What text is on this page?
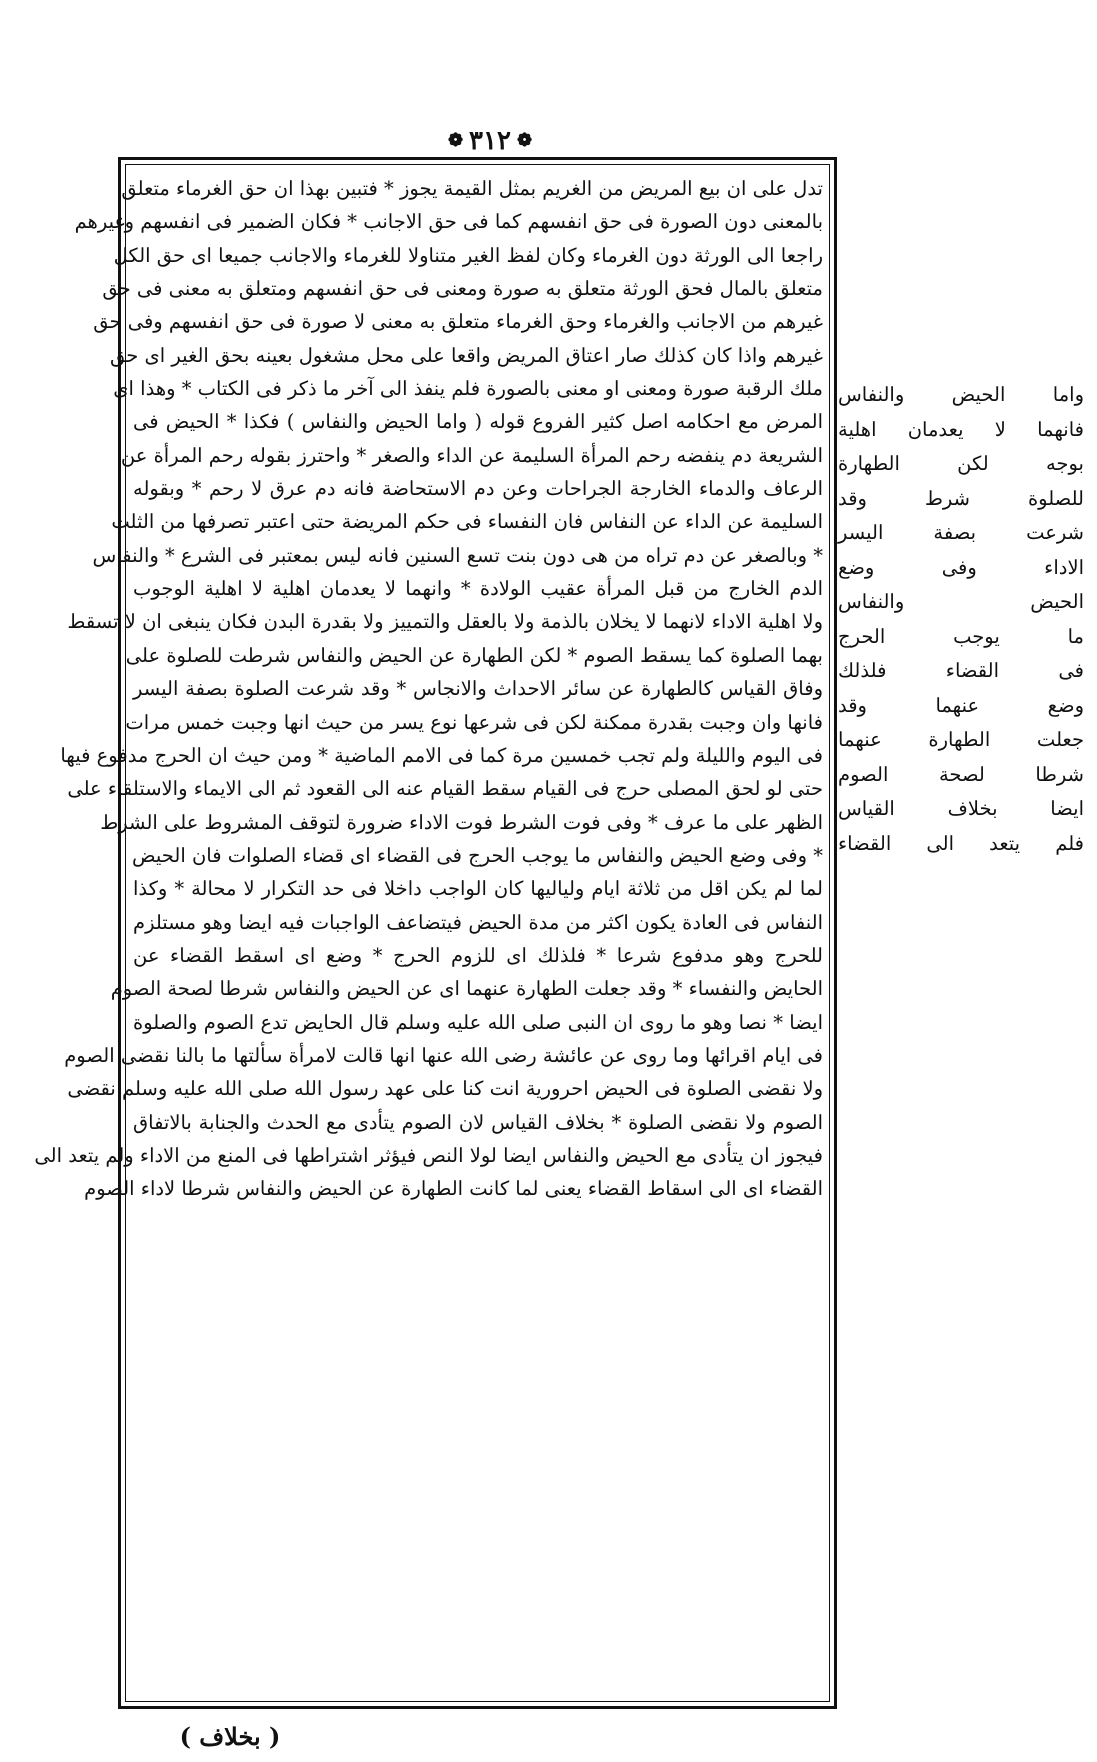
❁ ٣١٢ ❁
تدل على ان بيع المريض من الغريم بمثل القيمة يجوز * فتبين بهذا ان حق الغرماء متعلق
بالمعنى دون الصورة فى حق انفسهم كما فى حق الاجانب * فكان الضمير فى انفسهم وغيرهم
راجعا الى الورثة دون الغرماء وكان لفظ الغير متناولا للغرماء والاجانب جميعا اى حق الكل
متعلق بالمال فحق الورثة متعلق به صورة ومعنى فى حق انفسهم ومتعلق به معنى فى حق
غيرهم من الاجانب والغرماء وحق الغرماء متعلق به معنى لا صورة فى حق انفسهم وفى حق
غيرهم واذا كان كذلك صار اعتاق المريض واقعا على محل مشغول بعينه بحق الغير اى حق
ملك الرقبة صورة ومعنى او معنى بالصورة فلم ينفذ الى آخر ما ذكر فى الكتاب * وهذا اى
المرض مع احكامه اصل كثير الفروع قوله ( واما الحيض والنفاس ) فكذا * الحيض فى
الشريعة دم ينفضه رحم المرأة السليمة عن الداء والصغر * واحترز بقوله رحم المرأة عن
الرعاف والدماء الخارجة الجراحات وعن دم الاستحاضة فانه دم عرق لا رحم * وبقوله
السليمة عن الداء عن النفاس فان النفساء فى حكم المريضة حتى اعتبر تصرفها من الثلث
* وبالصغر عن دم تراه من هى دون بنت تسع السنين فانه ليس بمعتبر فى الشرع * والنفاس
الدم الخارج من قبل المرأة عقيب الولادة * وانهما لا يعدمان اهلية لا اهلية الوجوب
ولا اهلية الاداء لانهما لا يخلان بالذمة ولا بالعقل والتمييز ولا بقدرة البدن فكان ينبغى ان لا تسقط
بهما الصلوة كما يسقط الصوم * لكن الطهارة عن الحيض والنفاس شرطت للصلوة على
وفاق القياس كالطهارة عن سائر الاحداث والانجاس * وقد شرعت الصلوة بصفة اليسر
فانها وان وجبت بقدرة ممكنة لكن فى شرعها نوع يسر من حيث انها وجبت خمس مرات
فى اليوم والليلة ولم تجب خمسين مرة كما فى الامم الماضية * ومن حيث ان الحرج مدفوع فيها
حتى لو لحق المصلى حرج فى القيام سقط القيام عنه الى القعود ثم الى الايماء والاستلقاء على
الظهر على ما عرف * وفى فوت الشرط فوت الاداء ضرورة لتوقف المشروط على الشرط
* وفى وضع الحيض والنفاس ما يوجب الحرج فى القضاء اى قضاء الصلوات فان الحيض
لما لم يكن اقل من ثلاثة ايام ولياليها كان الواجب داخلا فى حد التكرار لا محالة * وكذا
النفاس فى العادة يكون اكثر من مدة الحيض فيتضاعف الواجبات فيه ايضا وهو مستلزم
للحرج وهو مدفوع شرعا * فلذلك اى للزوم الحرج * وضع اى اسقط القضاء عن
الحايض والنفساء * وقد جعلت الطهارة عنهما اى عن الحيض والنفاس شرطا لصحة الصوم
ايضا * نصا وهو ما روى ان النبى صلى الله عليه وسلم قال الحايض تدع الصوم والصلوة
فى ايام اقرائها وما روى عن عائشة رضى الله عنها انها قالت لامرأة سألتها ما بالنا نقضى الصوم
ولا نقضى الصلوة فى الحيض احرورية انت كنا على عهد رسول الله صلى الله عليه وسلم نقضى
الصوم ولا نقضى الصلوة * بخلاف القياس لان الصوم يتأدى مع الحدث والجنابة بالاتفاق
فيجوز ان يتأدى مع الحيض والنفاس ايضا لولا النص فيؤثر اشتراطها فى المنع من الاداء ولم يتعد الى
القضاء اى الى اسقاط القضاء يعنى لما كانت الطهارة عن الحيض والنفاس شرطا لاداء الصوم
واما الحيض والنفاس
فانهما لا يعدمان اهلية
بوجه لكن الطهارة
للصلوة شرط وقد
شرعت بصفة اليسر
الاداء وفى وضع
الحيض والنفاس
ما يوجب الحرج
فى القضاء فلذلك
وضع عنهما وقد
جعلت الطهارة عنهما
شرطا لصحة الصوم
ايضا بخلاف القياس
فلم يتعد الى القضاء
( بخلاف )
